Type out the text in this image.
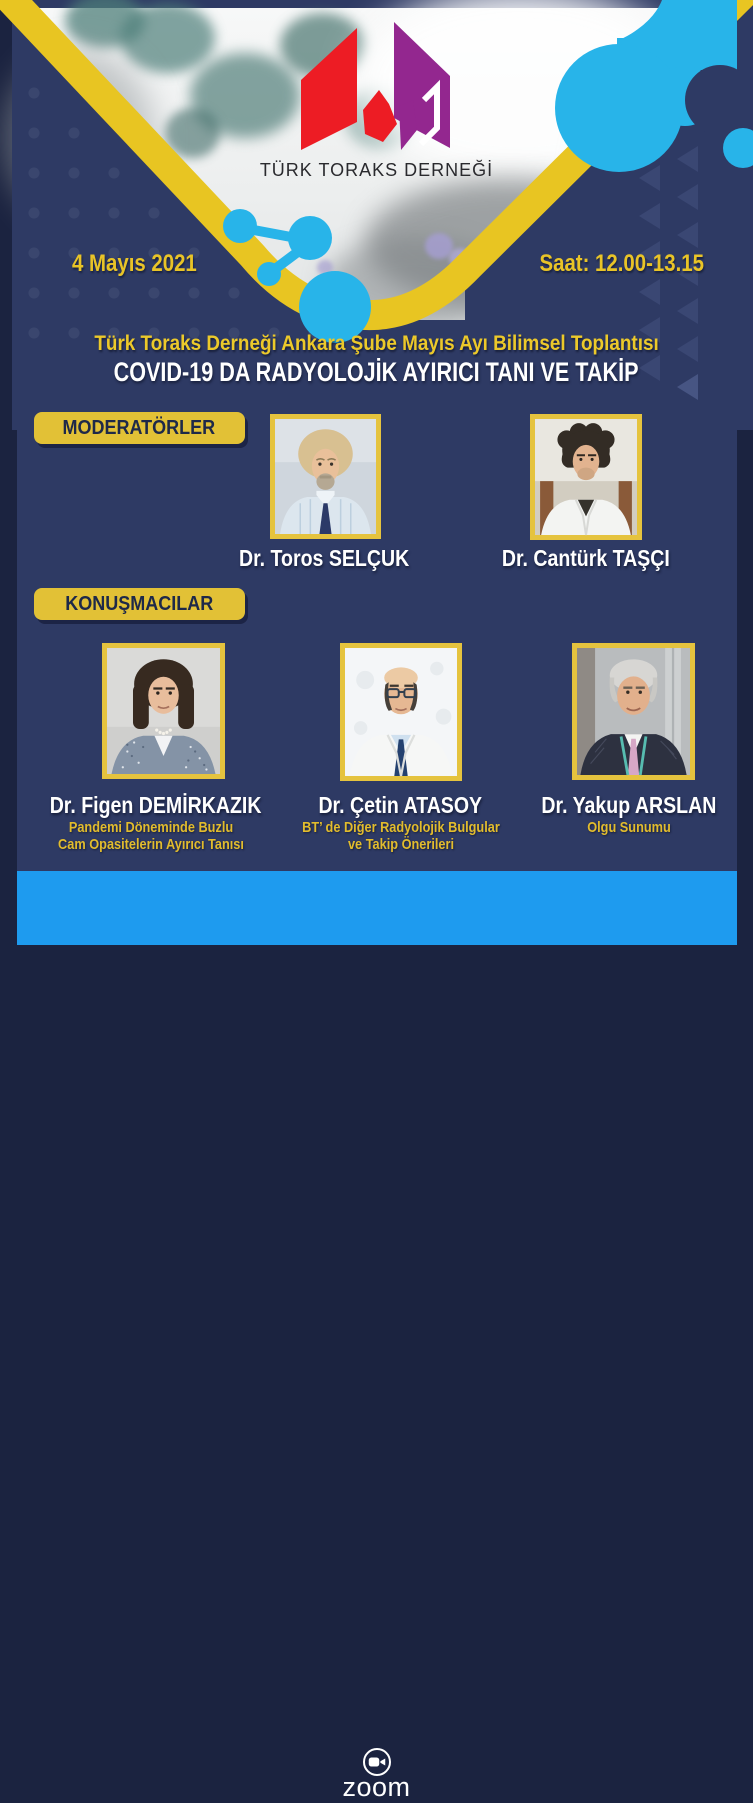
TÜRK TORAKS DERNEĞİ
4 Mayıs 2021	Saat: 12.00-13.15
Türk Toraks Derneği Ankara Şube Mayıs Ayı Bilimsel Toplantısı
COVID-19 DA RADYOLOJİK AYIRICI TANI VE TAKİP
MODERATÖRLER
Dr. Toros SELÇUK	Dr. Cantürk TAŞÇI
KONUŞMACILAR
Dr. Figen DEMİRKAZIK	Dr. Çetin ATASOY	Dr. Yakup ARSLAN
Pandemi Döneminde Buzlu
Cam Opasitelerin Ayırıcı Tanısı
BT’ de Diğer Radyolojik Bulgular
ve Takip Önerileri
Olgu Sunumu
zoom
